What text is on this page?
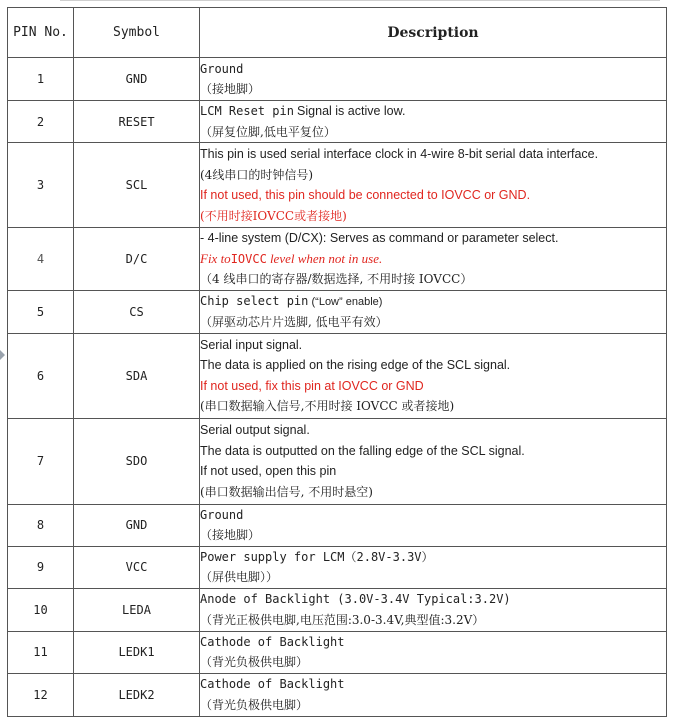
PIN No.	Symbol	Description
1	GND	Ground
（接地脚）

2	RESET	LCM Reset pin Signal is active low.
（屏复位脚,低电平复位）

3	SCL	This pin is used serial interface clock in 4-wire 8-bit serial data interface.
(4线串口的时钟信号)
If not used, this pin should be connected to IOVCC or GND.
(不用时接IOVCC或者接地)

4	D/C	- 4-line system (D/CX): Serves as command or parameter select.
Fix toIOVCC level when not in use.
（4 线串口的寄存器/数据选择, 不用时接 IOVCC）

5	CS	Chip select pin (“Low” enable)
（屏驱动芯片片选脚, 低电平有效）

6	SDA	Serial input signal.
The data is applied on the rising edge of the SCL signal.
If not used, fix this pin at IOVCC or GND
(串口数据输入信号,不用时接 IOVCC 或者接地)

7	SDO	Serial output signal.
The data is outputted on the falling edge of the SCL signal.
If not used, open this pin
(串口数据输出信号, 不用时悬空)

8	GND	Ground
（接地脚）

9	VCC	Power supply for LCM（2.8V-3.3V）
（屏供电脚））

10	LEDA	Anode of Backlight (3.0V-3.4V Typical:3.2V)
（背光正极供电脚,电压范围:3.0-3.4V,典型值:3.2V）

11	LEDK1	Cathode of Backlight
（背光负极供电脚）

12	LEDK2	Cathode of Backlight
（背光负极供电脚）
